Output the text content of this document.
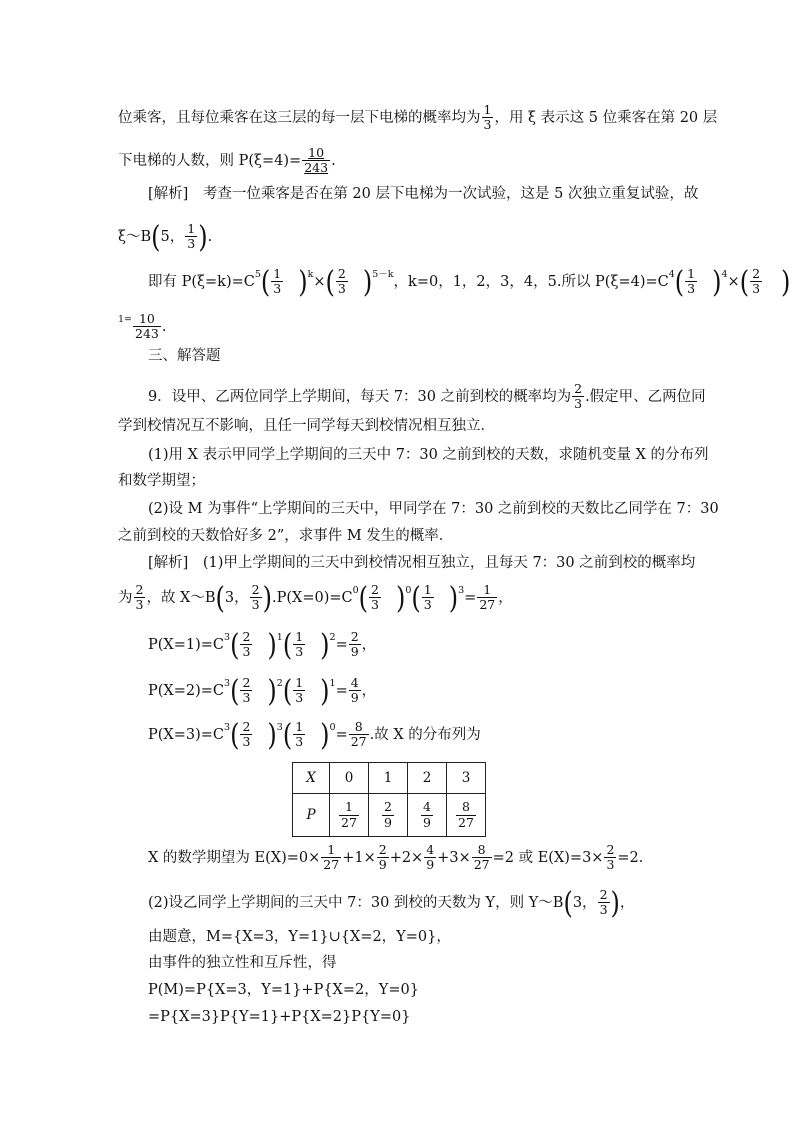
位乘客，且每位乘客在这三层的每一层下电梯的概率均为 $\frac{1}{3}$ ，用 ξ 表示这 5 位乘客在第 20 层
下电梯的人数，则 $P(\xi=4)= \frac{10}{243}$ .
[解析]　考查一位乘客是否在第 20 层下电梯为一次试验，这是 5 次独立重复试验，故
ξ～B(5， $\frac{1}{3}$ ).
即有 $P(\xi=k)=C^5( \frac{1}{3} )^k\times( \frac{2}{3} )^{5-k}$，k=0，1，2，3，4，5.所以 $P(\xi=4)=C^4( \frac{1}{3} )^4\times( \frac{2}{3}$ )
$^{1=} \frac{10}{243}$ .
三、解答题
9．设甲、乙两位同学上学期间，每天 7：30 之前到校的概率均为 $\frac{2}{3}$ .假定甲、乙两位同
学到校情况互不影响，且任一同学每天到校情况相互独立．
(1)用 X 表示甲同学上学期间的三天中 7：30 之前到校的天数，求随机变量 X 的分布列
和数学期望；
(2)设 M 为事件“上学期间的三天中，甲同学在 7：30 之前到校的天数比乙同学在 7：30
之前到校的天数恰好多 2”，求事件 M 发生的概率．
[解析]　(1)甲上学期间的三天中到校情况相互独立，且每天 7：30 之前到校的概率均
为 $\frac{2}{3}$ ，故 X～B(3， $\frac{2}{3} ).P(X=0)=C^0( \frac{2}{3} )^0( \frac{1}{3} )^3= \frac{1}{27}$ ，
$P(X=1)=C^3( \frac{2}{3} )^1( \frac{1}{3} )^2= \frac{2}{9}$ ，
$P(X=2)=C^3( \frac{2}{3} )^2( \frac{1}{3} )^1= \frac{4}{9}$ ，
$P(X=3)=C^3( \frac{2}{3} )^3( \frac{1}{3} )^0= \frac{8}{27}$ .故 X 的分布列为
X	0	1	2	3
P	$\frac{1}{27}$	$\frac{2}{9}$	$\frac{4}{9}$	$\frac{8}{27}$
X 的数学期望为 $E(X)=0\times \frac{1}{27} +1\times \frac{2}{9} +2\times \frac{4}{9} +3\times \frac{8}{27} =2$ 或 $E(X)=3\times \frac{2}{3} =2$.
(2)设乙同学上学期间的三天中 7：30 到校的天数为 Y，则 Y～B(3， $\frac{2}{3}$ )，
由题意，M={X=3，Y=1}∪{X=2，Y=0}，
由事件的独立性和互斥性，得
P(M)=P{X=3，Y=1}+P{X=2，Y=0}
=P{X=3}P{Y=1}+P{X=2}P{Y=0}
